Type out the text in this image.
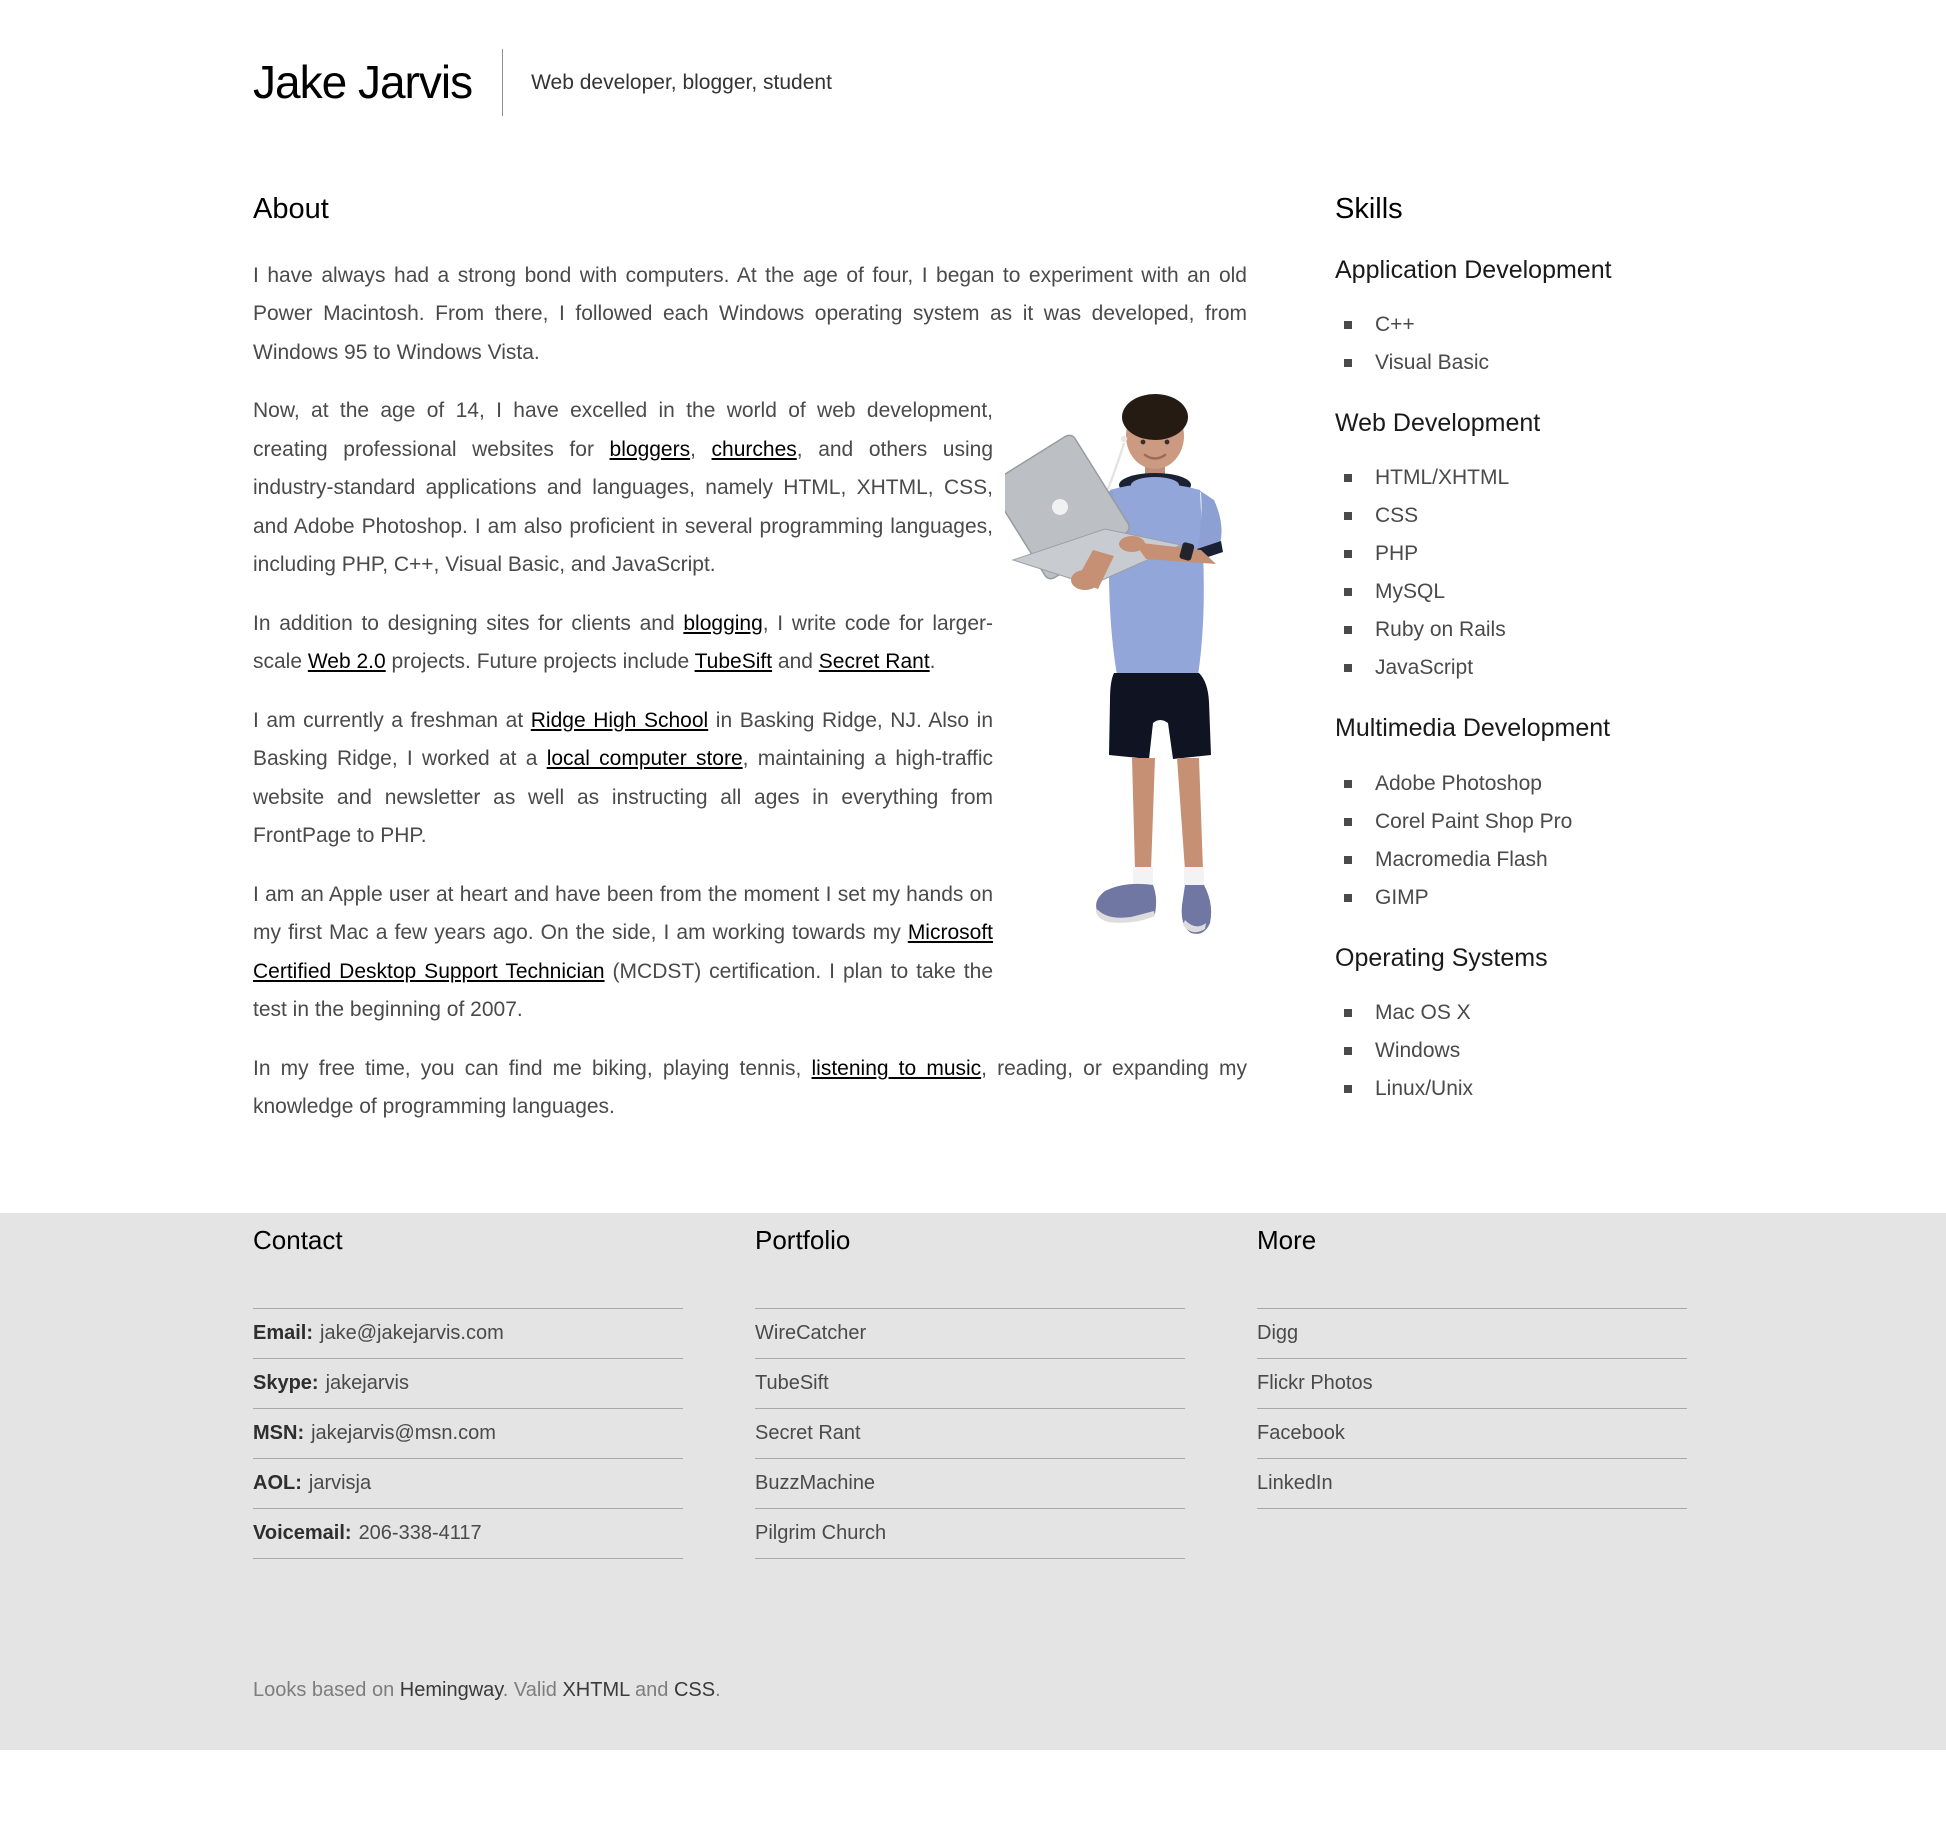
Jake Jarvis	Web developer, blogger, student
About

I have always had a strong bond with computers. At the age of four, I began to experiment with an old Power Macintosh. From there, I followed each Windows operating system as it was developed, from Windows 95 to Windows Vista.

Now, at the age of 14, I have excelled in the world of web development, creating professional websites for bloggers, churches, and others using industry-standard applications and languages, namely HTML, XHTML, CSS, and Adobe Photoshop. I am also proficient in several programming languages, including PHP, C++, Visual Basic, and JavaScript.

In addition to designing sites for clients and blogging, I write code for larger-scale Web 2.0 projects. Future projects include TubeSift and Secret Rant.

I am currently a freshman at Ridge High School in Basking Ridge, NJ. Also in Basking Ridge, I worked at a local computer store, maintaining a high-traffic website and newsletter as well as instructing all ages in everything from FrontPage to PHP.

I am an Apple user at heart and have been from the moment I set my hands on my first Mac a few years ago. On the side, I am working towards my Microsoft Certified Desktop Support Technician (MCDST) certification. I plan to take the test in the beginning of 2007.

In my free time, you can find me biking, playing tennis, listening to music, reading, or expanding my knowledge of programming languages.

Skills
Application Development
C++
Visual Basic
Web Development
HTML/XHTML
CSS
PHP
MySQL
Ruby on Rails
JavaScript
Multimedia Development
Adobe Photoshop
Corel Paint Shop Pro
Macromedia Flash
GIMP
Operating Systems
Mac OS X
Windows
Linux/Unix
Contact
Email: jake@jakejarvis.com
Skype: jakejarvis
MSN: jakejarvis@msn.com
AOL: jarvisja
Voicemail: 206-338-4117
Portfolio
WireCatcher
TubeSift
Secret Rant
BuzzMachine
Pilgrim Church
More
Digg
Flickr Photos
Facebook
LinkedIn
Looks based on Hemingway. Valid XHTML and CSS.
